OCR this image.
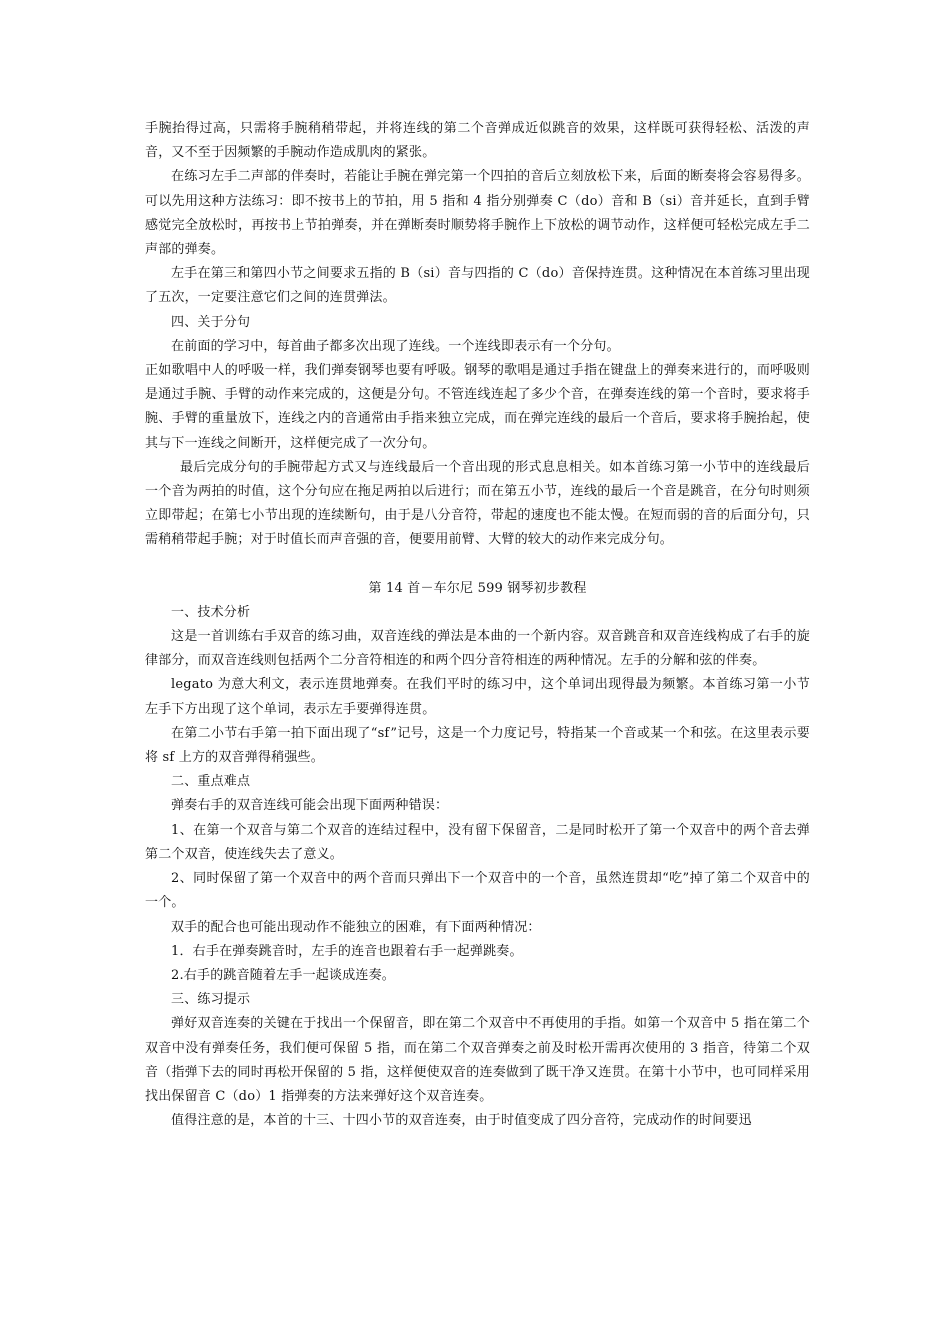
手腕抬得过高，只需将手腕稍稍带起，并将连线的第二个音弹成近似跳音的效果，这样既可获得轻松、活泼的声音，又不至于因频繁的手腕动作造成肌肉的紧张。

在练习左手二声部的伴奏时，若能让手腕在弹完第一个四拍的音后立刻放松下来，后面的断奏将会容易得多。可以先用这种方法练习：即不按书上的节拍，用 5 指和 4 指分别弹奏 C（do）音和 B（si）音并延长，直到手臂感觉完全放松时，再按书上节拍弹奏，并在弹断奏时顺势将手腕作上下放松的调节动作，这样便可轻松完成左手二声部的弹奏。

左手在第三和第四小节之间要求五指的 B（si）音与四指的 C（do）音保持连贯。这种情况在本首练习里出现了五次，一定要注意它们之间的连贯弹法。

四、关于分句

在前面的学习中，每首曲子都多次出现了连线。一个连线即表示有一个分句。

正如歌唱中人的呼吸一样，我们弹奏钢琴也要有呼吸。钢琴的歌唱是通过手指在键盘上的弹奏来进行的，而呼吸则是通过手腕、手臂的动作来完成的，这便是分句。不管连线连起了多少个音，在弹奏连线的第一个音时，要求将手腕、手臂的重量放下，连线之内的音通常由手指来独立完成，而在弹完连线的最后一个音后，要求将手腕抬起，使其与下一连线之间断开，这样便完成了一次分句。

最后完成分句的手腕带起方式又与连线最后一个音出现的形式息息相关。如本首练习第一小节中的连线最后一个音为两拍的时值，这个分句应在拖足两拍以后进行；而在第五小节，连线的最后一个音是跳音，在分句时则须立即带起；在第七小节出现的连续断句，由于是八分音符，带起的速度也不能太慢。在短而弱的音的后面分句，只需稍稍带起手腕；对于时值长而声音强的音，便要用前臂、大臂的较大的动作来完成分句。

第 14 首－车尔尼 599 钢琴初步教程

一、技术分析

这是一首训练右手双音的练习曲，双音连线的弹法是本曲的一个新内容。双音跳音和双音连线构成了右手的旋律部分，而双音连线则包括两个二分音符相连的和两个四分音符相连的两种情况。左手的分解和弦的伴奏。

legato 为意大利文，表示连贯地弹奏。在我们平时的练习中，这个单词出现得最为频繁。本首练习第一小节左手下方出现了这个单词，表示左手要弹得连贯。

在第二小节右手第一拍下面出现了“sf”记号，这是一个力度记号，特指某一个音或某一个和弦。在这里表示要将 sf 上方的双音弹得稍强些。

二、重点难点

弹奏右手的双音连线可能会出现下面两种错误：

1、在第一个双音与第二个双音的连结过程中，没有留下保留音，二是同时松开了第一个双音中的两个音去弹第二个双音，使连线失去了意义。

2、同时保留了第一个双音中的两个音而只弹出下一个双音中的一个音，虽然连贯却“吃”掉了第二个双音中的一个。

双手的配合也可能出现动作不能独立的困难，有下面两种情况：

1．右手在弹奏跳音时，左手的连音也跟着右手一起弹跳奏。

2.右手的跳音随着左手一起谈成连奏。

三、练习提示

弹好双音连奏的关键在于找出一个保留音，即在第二个双音中不再使用的手指。如第一个双音中 5 指在第二个双音中没有弹奏任务，我们便可保留 5 指，而在第二个双音弹奏之前及时松开需再次使用的 3 指音，待第二个双音（指弹下去的同时再松开保留的 5 指，这样便使双音的连奏做到了既干净又连贯。在第十小节中，也可同样采用找出保留音 C（do）1 指弹奏的方法来弹好这个双音连奏。

值得注意的是，本首的十三、十四小节的双音连奏，由于时值变成了四分音符，完成动作的时间要迅
